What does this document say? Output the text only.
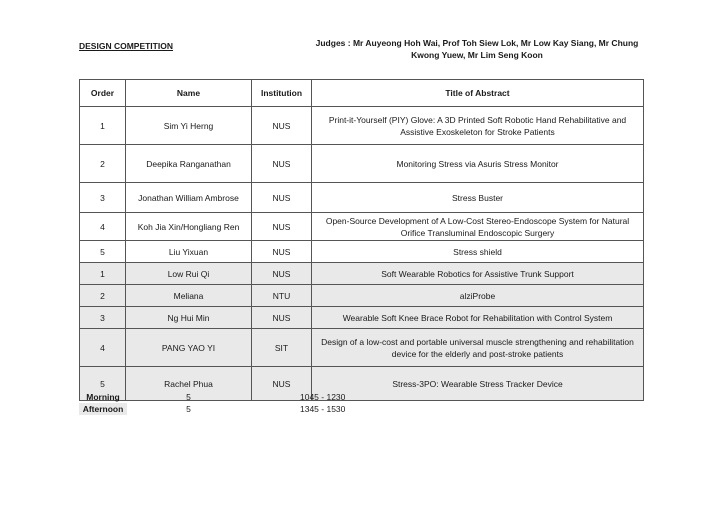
DESIGN COMPETITION	Judges : Mr Auyeong Hoh Wai, Prof Toh Siew Lok, Mr Low Kay Siang, Mr Chung Kwong Yuew, Mr Lim Seng Koon
Order	Name	Institution	Title of Abstract
1	Sim Yi Herng	NUS	Print-it-Yourself (PIY) Glove: A 3D Printed Soft Robotic Hand Rehabilitative and Assistive Exoskeleton for Stroke Patients
2	Deepika Ranganathan	NUS	Monitoring Stress via Asuris Stress Monitor
3	Jonathan William Ambrose	NUS	Stress Buster
4	Koh Jia Xin/Hongliang Ren	NUS	Open-Source Development of A Low-Cost Stereo-Endoscope System for Natural Orifice Transluminal Endoscopic Surgery
5	Liu Yixuan	NUS	Stress shield
1	Low Rui Qi	NUS	Soft Wearable Robotics for Assistive Trunk Support
2	Meliana	NTU	alziProbe
3	Ng Hui Min	NUS	Wearable Soft Knee Brace Robot for Rehabilitation with Control System
4	PANG YAO YI	SIT	Design of a low-cost and portable universal muscle strengthening and rehabilitation device for the elderly and post-stroke patients
5	Rachel Phua	NUS	Stress-3PO: Wearable Stress Tracker Device
Morning	5	1045 - 1230
Afternoon	5	1345 - 1530
